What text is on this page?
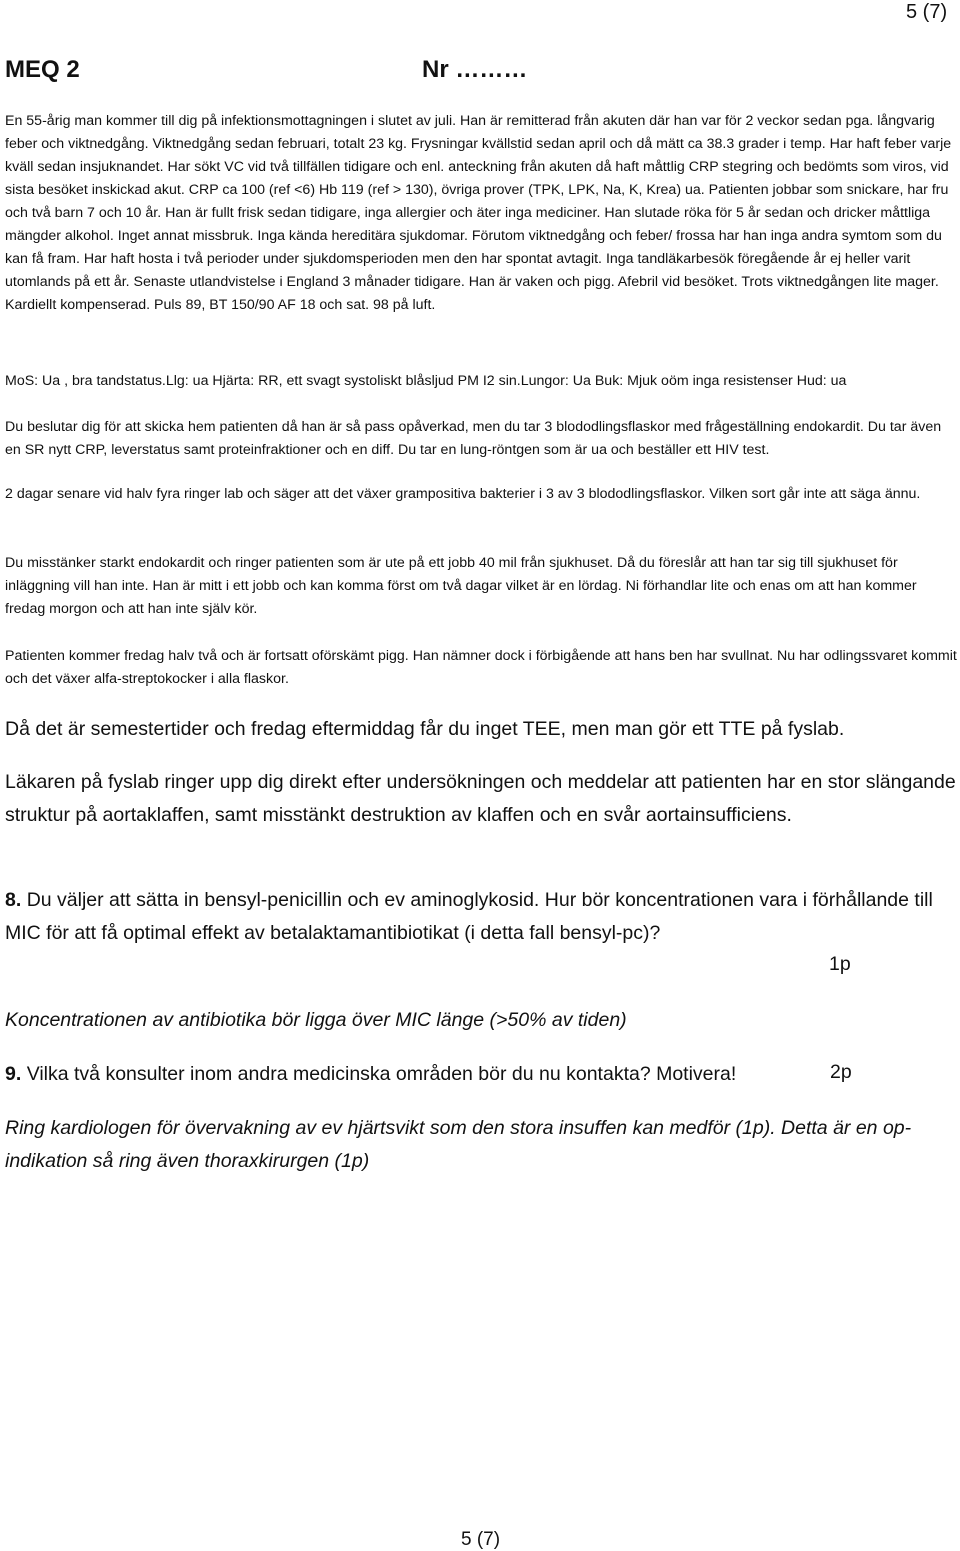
5 (7)
MEQ 2	Nr ………

En 55-årig man kommer till dig på infektionsmottagningen i slutet av juli. Han är remitterad från akuten där han var för 2 veckor sedan pga. långvarig feber och viktnedgång. Viktnedgång sedan februari, totalt 23 kg. Frysningar kvällstid sedan april och då mätt ca 38.3 grader i temp. Har haft feber varje kväll sedan insjuknandet. Har sökt VC vid två tillfällen tidigare och enl. anteckning från akuten då haft måttlig CRP stegring och bedömts som viros, vid sista besöket inskickad akut. CRP ca 100 (ref <6) Hb 119 (ref > 130), övriga prover (TPK, LPK, Na, K, Krea) ua. Patienten jobbar som snickare, har fru och två barn 7 och 10 år. Han är fullt frisk sedan tidigare, inga allergier och äter inga mediciner. Han slutade röka för 5 år sedan och dricker måttliga mängder alkohol. Inget annat missbruk. Inga kända hereditära sjukdomar. Förutom viktnedgång och feber/ frossa har han inga andra symtom som du kan få fram. Har haft hosta i två perioder under sjukdomsperioden men den har spontat avtagit. Inga tandläkarbesök föregående år ej heller varit utomlands på ett år. Senaste utlandvistelse i England 3 månader tidigare. Han är vaken och pigg. Afebril vid besöket. Trots viktnedgången lite mager. Kardiellt kompenserad. Puls 89, BT 150/90 AF 18 och sat. 98 på luft.

MoS: Ua , bra tandstatus.Llg: ua Hjärta: RR, ett svagt systoliskt blåsljud PM I2 sin.Lungor: Ua Buk: Mjuk oöm inga resistenser Hud: ua

Du beslutar dig för att skicka hem patienten då han är så pass opåverkad, men du tar 3 blododlingsflaskor med frågeställning endokardit. Du tar även en SR nytt CRP, leverstatus samt proteinfraktioner och en diff. Du tar en lung-röntgen som är ua och beställer ett HIV test.

2 dagar senare vid halv fyra ringer lab och säger att det växer grampositiva bakterier i 3 av 3 blododlingsflaskor. Vilken sort går inte att säga ännu.

Du misstänker starkt endokardit och ringer patienten som är ute på ett jobb 40 mil från sjukhuset. Då du föreslår att han tar sig till sjukhuset för inläggning vill han inte. Han är mitt i ett jobb och kan komma först om två dagar vilket är en lördag. Ni förhandlar lite och enas om att han kommer fredag morgon och att han inte själv kör.

Patienten kommer fredag halv två och är fortsatt oförskämt pigg. Han nämner dock i förbigående att hans ben har svullnat. Nu har odlingssvaret kommit och det växer alfa-streptokocker i alla flaskor.

Då det är semestertider och fredag eftermiddag får du inget TEE, men man gör ett TTE på fyslab.

Läkaren på fyslab ringer upp dig direkt efter undersökningen och meddelar att patienten har en stor slängande struktur på aortaklaffen, samt misstänkt destruktion av klaffen och en svår aortainsufficiens.

8. Du väljer att sätta in bensyl-penicillin och ev aminoglykosid. Hur bör koncentrationen vara i förhållande till MIC för att få optimal effekt av betalaktamantibiotikat (i detta fall bensyl-pc)?

1p

Koncentrationen av antibiotika bör ligga över MIC länge (>50% av tiden)

9. Vilka två konsulter inom andra medicinska områden bör du nu kontakta? Motivera!	2p

Ring kardiologen för övervakning av ev hjärtsvikt som den stora insuffen kan medför (1p). Detta är en op-indikation så ring även thoraxkirurgen (1p)

5 (7)
